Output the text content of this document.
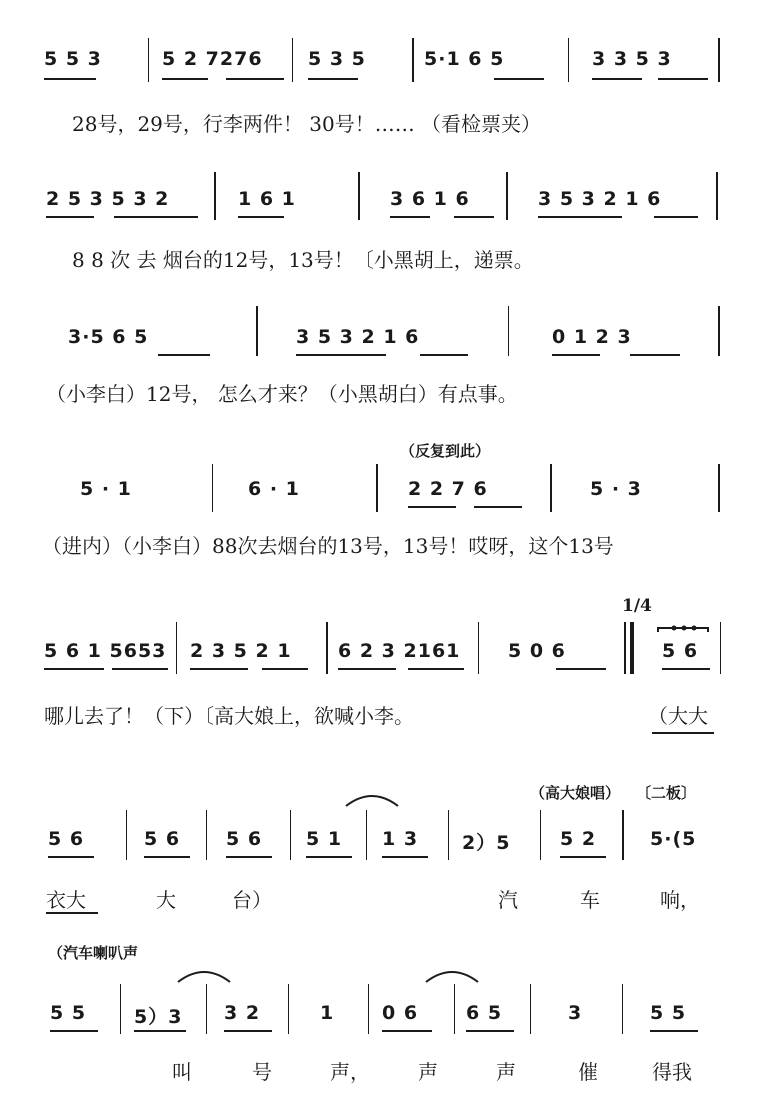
5 5 3	5 2 7276 5 3 5	5·1 6 5	3 3 5 3
28号，29号，行李两件！ 30号！…… （看检票夹）
2 5 3 5 3 2	1 6 1	3 6 1 6	3 5 3 2 1 6
8 8 次 去 烟台的12号，13号！〔小黑胡上，递票。
3·5 6 5	3 5 3 2 1 6	0 1 2 3
（小李白）12号， 怎么才来？（小黑胡白）有点事。
（反复到此）
5 · 1	6 · 1	2 2 7 6	5 · 3
（进内）（小李白）88次去烟台的13号，13号！哎呀，这个13号
1/4
5 6 1 5653 2 3 5 2 1 6 2 3 2161	5 0 6	5 6
哪儿去了！（下）〔高大娘上，欲喊小李。	（大大
（高大娘唱） 〔二板〕
5 6	5 6 5 6 5 1 1 3 2）5	5 2	5·(5
衣大	大	台）	汽	车	响，
（汽车喇叭声
5 5	5）3 3 2	1	0 6	6 5	3	5 5
叫	号	声， 声	声	催	得我
